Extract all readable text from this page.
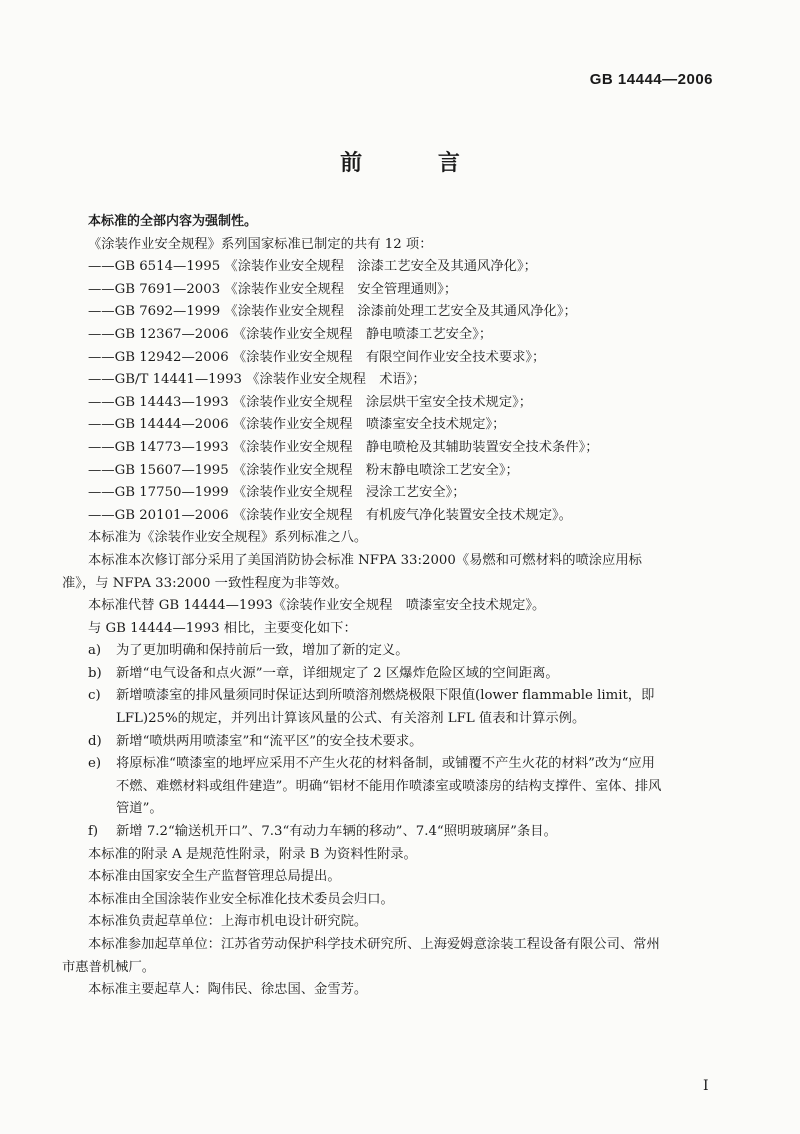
GB 14444—2006
前 言
本标准的全部内容为强制性。
《涂装作业安全规程》系列国家标准已制定的共有 12 项：
——GB 6514—1995 《涂装作业安全规程　涂漆工艺安全及其通风净化》；
——GB 7691—2003 《涂装作业安全规程　安全管理通则》；
——GB 7692—1999 《涂装作业安全规程　涂漆前处理工艺安全及其通风净化》；
——GB 12367—2006 《涂装作业安全规程　静电喷漆工艺安全》；
——GB 12942—2006 《涂装作业安全规程　有限空间作业安全技术要求》；
——GB/T 14441—1993 《涂装作业安全规程　术语》；
——GB 14443—1993 《涂装作业安全规程　涂层烘干室安全技术规定》；
——GB 14444—2006 《涂装作业安全规程　喷漆室安全技术规定》；
——GB 14773—1993 《涂装作业安全规程　静电喷枪及其辅助装置安全技术条件》；
——GB 15607—1995 《涂装作业安全规程　粉末静电喷涂工艺安全》；
——GB 17750—1999 《涂装作业安全规程　浸涂工艺安全》；
——GB 20101—2006 《涂装作业安全规程　有机废气净化装置安全技术规定》。
本标准为《涂装作业安全规程》系列标准之八。
本标准本次修订部分采用了美国消防协会标准 NFPA 33:2000《易燃和可燃材料的喷涂应用标
准》，与 NFPA 33:2000 一致性程度为非等效。
本标准代替 GB 14444—1993《涂装作业安全规程　喷漆室安全技术规定》。
与 GB 14444—1993 相比，主要变化如下：
a)	为了更加明确和保持前后一致，增加了新的定义。
b)	新增“电气设备和点火源”一章，详细规定了 2 区爆炸危险区域的空间距离。
c)	新增喷漆室的排风量须同时保证达到所喷溶剂燃烧极限下限值(lower flammable limit，即
LFL)25%的规定，并列出计算该风量的公式、有关溶剂 LFL 值表和计算示例。
d)	新增“喷烘两用喷漆室”和“流平区”的安全技术要求。
e)	将原标准“喷漆室的地坪应采用不产生火花的材料备制，或铺覆不产生火花的材料”改为“应用
不燃、难燃材料或组件建造”。明确“铝材不能用作喷漆室或喷漆房的结构支撑件、室体、排风
管道”。
f)	新增 7.2“输送机开口”、7.3“有动力车辆的移动”、7.4“照明玻璃屏”条目。
本标准的附录 A 是规范性附录，附录 B 为资料性附录。
本标准由国家安全生产监督管理总局提出。
本标准由全国涂装作业安全标准化技术委员会归口。
本标准负责起草单位：上海市机电设计研究院。
本标准参加起草单位：江苏省劳动保护科学技术研究所、上海爱姆意涂装工程设备有限公司、常州
市惠普机械厂。
本标准主要起草人：陶伟民、徐忠国、金雪芳。
I
